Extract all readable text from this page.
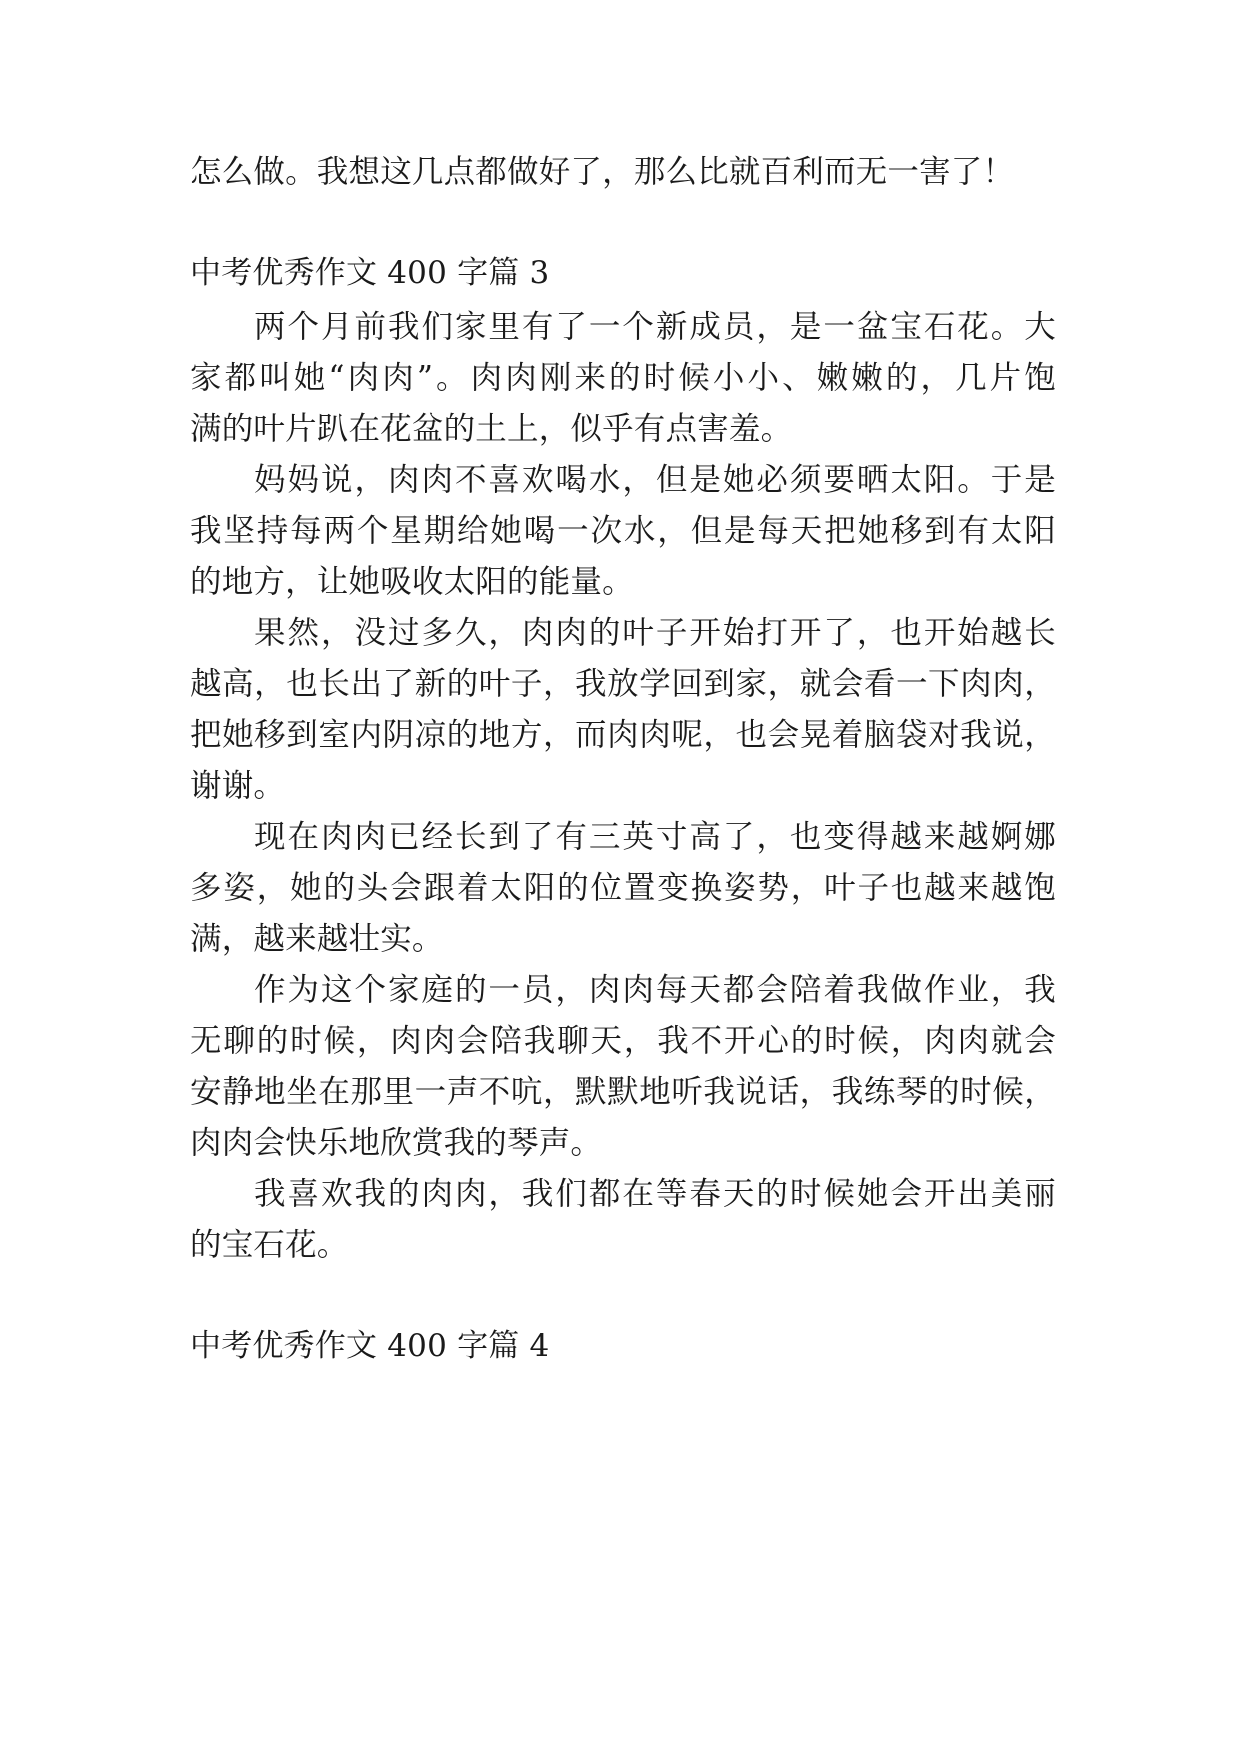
怎么做。我想这几点都做好了，那么比就百利而无一害了！
中考优秀作文 400 字篇 3
两个月前我们家里有了一个新成员，是一盆宝石花。大
家都叫她“肉肉”。肉肉刚来的时候小小、嫩嫩的，几片饱
满的叶片趴在花盆的土上，似乎有点害羞。
妈妈说，肉肉不喜欢喝水，但是她必须要晒太阳。于是
我坚持每两个星期给她喝一次水，但是每天把她移到有太阳
的地方，让她吸收太阳的能量。
果然，没过多久，肉肉的叶子开始打开了，也开始越长
越高，也长出了新的叶子，我放学回到家，就会看一下肉肉，
把她移到室内阴凉的地方，而肉肉呢，也会晃着脑袋对我说，
谢谢。
现在肉肉已经长到了有三英寸高了，也变得越来越婀娜
多姿，她的头会跟着太阳的位置变换姿势，叶子也越来越饱
满，越来越壮实。
作为这个家庭的一员，肉肉每天都会陪着我做作业，我
无聊的时候，肉肉会陪我聊天，我不开心的时候，肉肉就会
安静地坐在那里一声不吭，默默地听我说话，我练琴的时候，
肉肉会快乐地欣赏我的琴声。
我喜欢我的肉肉，我们都在等春天的时候她会开出美丽
的宝石花。
中考优秀作文 400 字篇 4
